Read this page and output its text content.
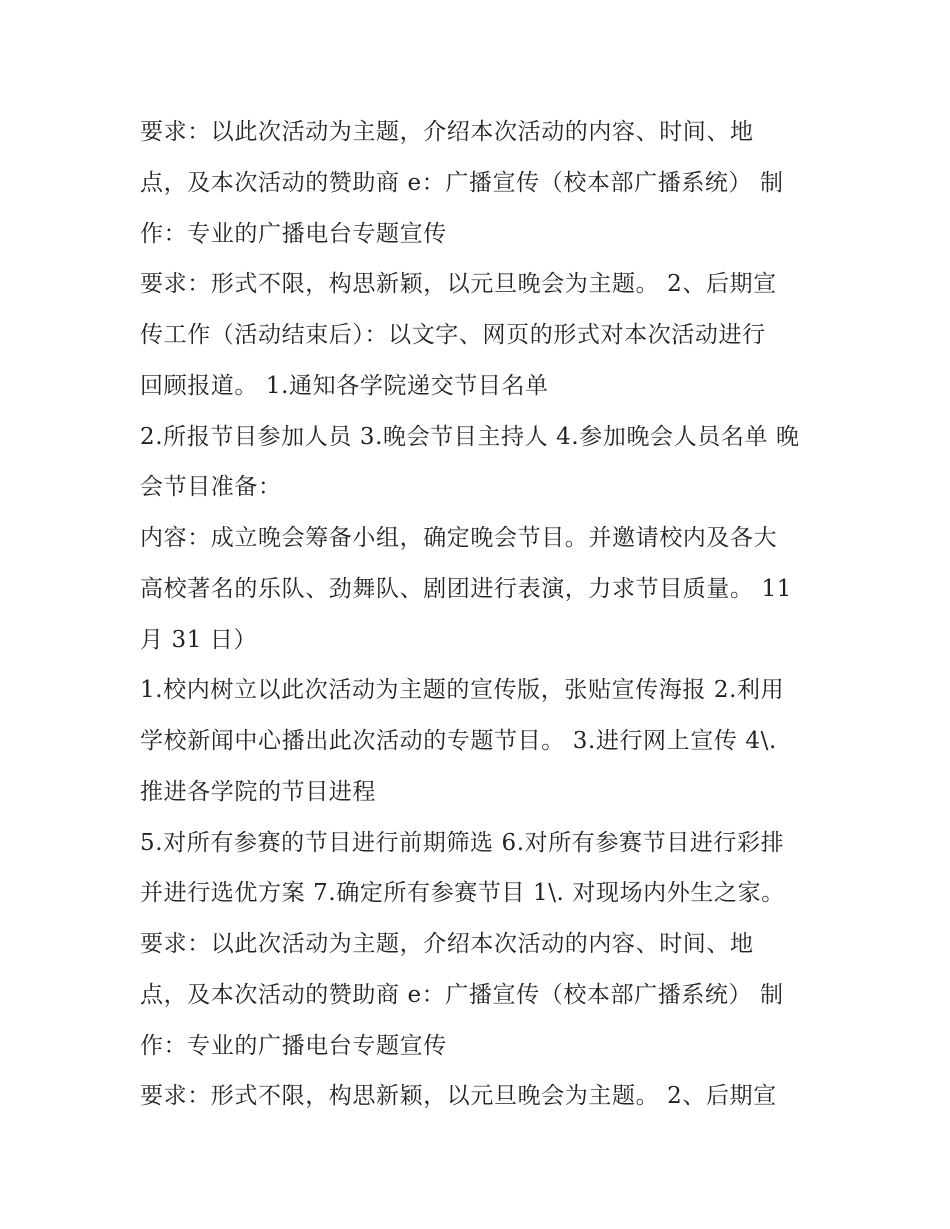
要求：以此次活动为主题，介绍本次活动的内容、时间、地
点，及本次活动的赞助商 e：广播宣传（校本部广播系统） 制
作：专业的广播电台专题宣传
要求：形式不限，构思新颖，以元旦晚会为主题。 2、后期宣
传工作（活动结束后）：以文字、网页的形式对本次活动进行
回顾报道。 1.通知各学院递交节目名单
2.所报节目参加人员 3.晚会节目主持人 4.参加晚会人员名单 晚
会节目准备：
内容：成立晚会筹备小组，确定晚会节目。并邀请校内及各大
高校著名的乐队、劲舞队、剧团进行表演，力求节目质量。 11
月 31 日）
1.校内树立以此次活动为主题的宣传版，张贴宣传海报 2.利用
学校新闻中心播出此次活动的专题节目。 3.进行网上宣传 4\.
推进各学院的节目进程
5.对所有参赛的节目进行前期筛选 6.对所有参赛节目进行彩排
并进行选优方案 7.确定所有参赛节目 1\. 对现场内外生之家。
要求：以此次活动为主题，介绍本次活动的内容、时间、地
点，及本次活动的赞助商 e：广播宣传（校本部广播系统） 制
作：专业的广播电台专题宣传
要求：形式不限，构思新颖，以元旦晚会为主题。 2、后期宣
